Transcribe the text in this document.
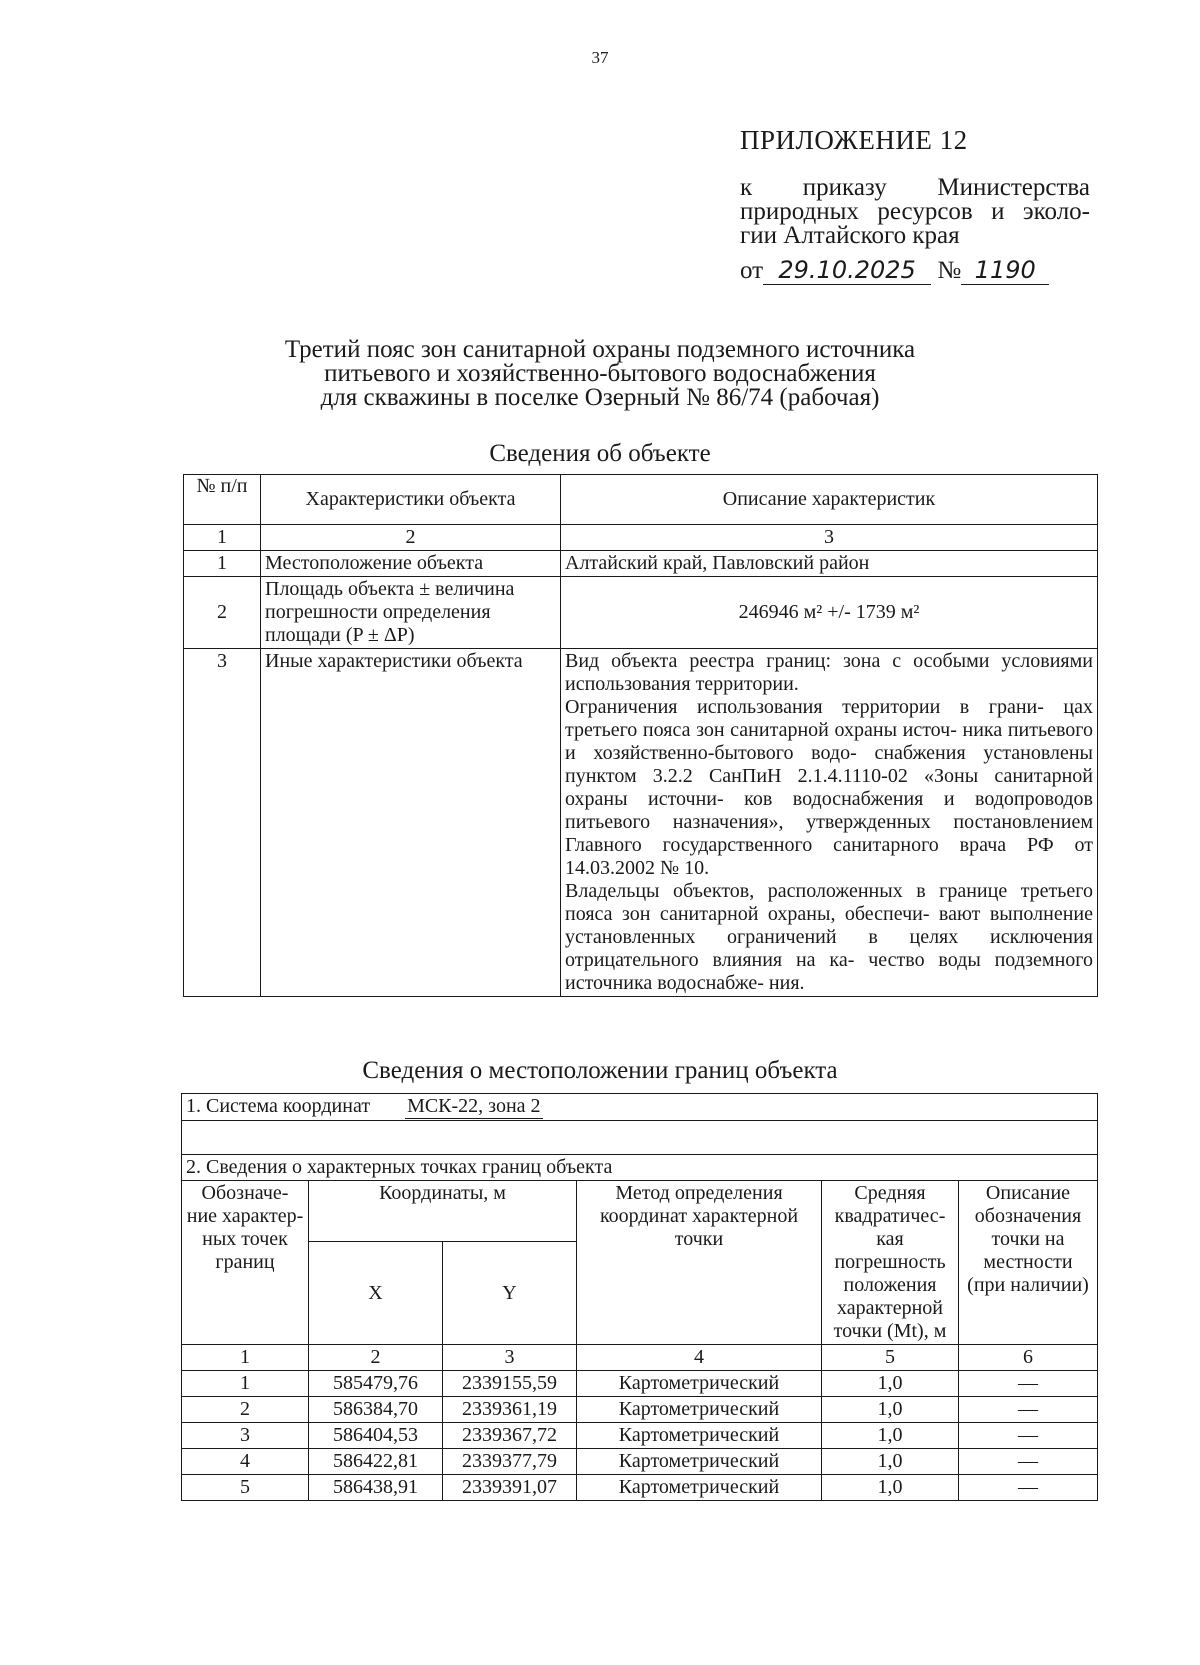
37
ПРИЛОЖЕНИЕ 12
к приказу Министерства
природных ресурсов и эколо- гии Алтайского края
от 29.10.2025 № 1190
Третий пояс зон санитарной охраны подземного источника
питьевого и хозяйственно-бытового водоснабжения
для скважины в поселке Озерный № 86/74 (рабочая)
Сведения об объекте
№ п/п	Характеристики объекта	Описание характеристик
1	2	3
1	Местоположение объекта	Алтайский край, Павловский район
2	Площадь объекта ± величина погрешности определения площади (P ± ΔP)	246946 м² +/- 1739 м²
3	Иные характеристики объекта	Вид объекта реестра границ: зона с особыми условиями использования территории.

Ограничения использования территории в грани- цах третьего пояса зон санитарной охраны источ- ника питьевого и хозяйственно-бытового водо- снабжения установлены пунктом 3.2.2 СанПиН 2.1.4.1110-02 «Зоны санитарной охраны источни- ков водоснабжения и водопроводов питьевого назначения», утвержденных постановлением Главного государственного санитарного врача РФ от 14.03.2002 № 10.

Владельцы объектов, расположенных в границе третьего пояса зон санитарной охраны, обеспечи- вают выполнение установленных ограничений в целях исключения отрицательного влияния на ка- чество воды подземного источника водоснабже- ния.

Сведения о местоположении границ объекта
1. Система координат МСК-22, зона 2					

2. Сведения о характерных точках границ объекта					
Обозначе- ние характер- ных точек границ	Координаты, м		Метод определения координат характерной точки	Средняя квадратичес- кая погрешность положения характерной точки (Mt), м	Описание обозначения точки на местности (при наличии)
	X	Y			
1	2	3	4	5	6
1	585479,76	2339155,59	Картометрический	1,0	—
2	586384,70	2339361,19	Картометрический	1,0	—
3	586404,53	2339367,72	Картометрический	1,0	—
4	586422,81	2339377,79	Картометрический	1,0	—
5	586438,91	2339391,07	Картометрический	1,0	—
